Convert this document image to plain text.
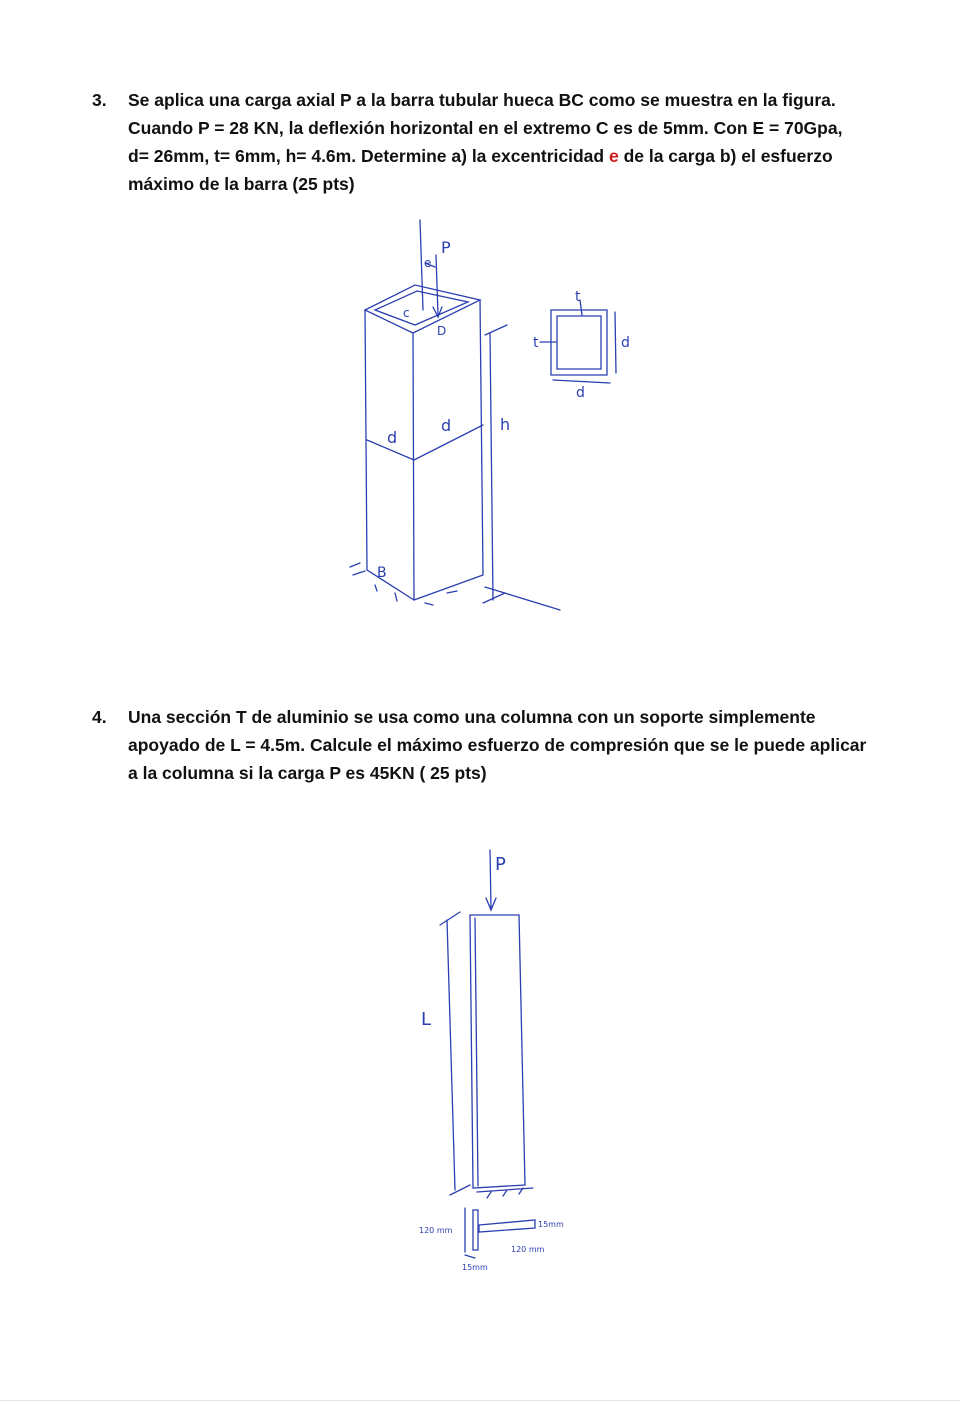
3. Se aplica una carga axial P a la barra tubular hueca BC como se muestra en la figura.
Cuando P = 28 KN, la deflexión horizontal en el extremo C es de 5mm. Con E = 70Gpa,
d= 26mm, t= 6mm, h= 4.6m. Determine a) la excentricidad e de la carga b) el esfuerzo
máximo de la barra (25 pts)
P
e
c
D
B
d
d	h
t
t	d
d
4. Una sección T de aluminio se usa como una columna con un soporte simplemente
apoyado de L = 4.5m. Calcule el máximo esfuerzo de compresión que se le puede aplicar
a la columna si la carga P es 45KN ( 25 pts)
P
L
120 mm
15mm
120 mm
15mm
